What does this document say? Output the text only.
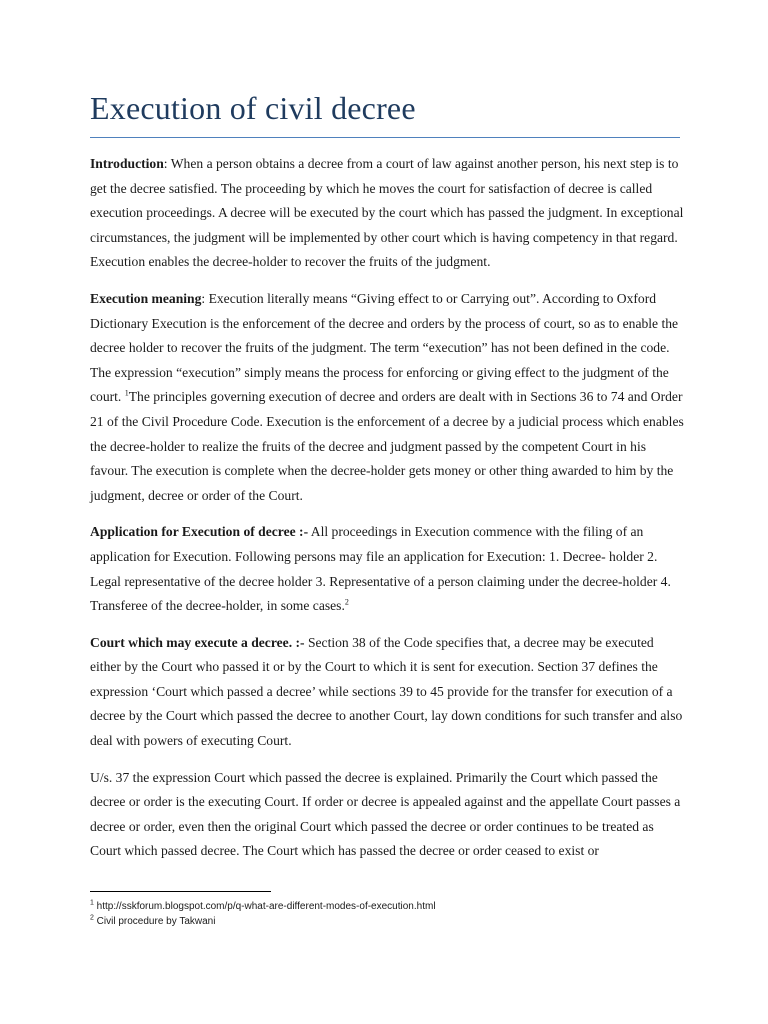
Execution of civil decree

Introduction: When a person obtains a decree from a court of law against another person, his next step is to get the decree satisfied. The proceeding by which he moves the court for satisfaction of decree is called execution proceedings. A decree will be executed by the court which has passed the judgment. In exceptional circumstances, the judgment will be implemented by other court which is having competency in that regard. Execution enables the decree-holder to recover the fruits of the judgment.

Execution meaning: Execution literally means “Giving effect to or Carrying out”. According to Oxford Dictionary Execution is the enforcement of the decree and orders by the process of court, so as to enable the decree holder to recover the fruits of the judgment. The term “execution” has not been defined in the code. The expression “execution” simply means the process for enforcing or giving effect to the judgment of the court. $^1$The principles governing execution of decree and orders are dealt with in Sections 36 to 74 and Order 21 of the Civil Procedure Code. Execution is the enforcement of a decree by a judicial process which enables the decree-holder to realize the fruits of the decree and judgment passed by the competent Court in his favour. The execution is complete when the decree-holder gets money or other thing awarded to him by the judgment, decree or order of the Court.

Application for Execution of decree :- All proceedings in Execution commence with the filing of an application for Execution. Following persons may file an application for Execution: 1. Decree- holder 2. Legal representative of the decree holder 3. Representative of a person claiming under the decree-holder 4. Transferee of the decree-holder, in some cases.$^2$

Court which may execute a decree. :- Section 38 of the Code specifies that, a decree may be executed either by the Court who passed it or by the Court to which it is sent for execution. Section 37 defines the expression ‘Court which passed a decree’ while sections 39 to 45 provide for the transfer for execution of a decree by the Court which passed the decree to another Court, lay down conditions for such transfer and also deal with powers of executing Court.

U/s. 37 the expression Court which passed the decree is explained. Primarily the Court which passed the decree or order is the executing Court. If order or decree is appealed against and the appellate Court passes a decree or order, even then the original Court which passed the decree or order continues to be treated as Court which passed decree. The Court which has passed the decree or order ceased to exist or

$^1$ http://sskforum.blogspot.com/p/q-what-are-different-modes-of-execution.html
$^2$ Civil procedure by Takwani
